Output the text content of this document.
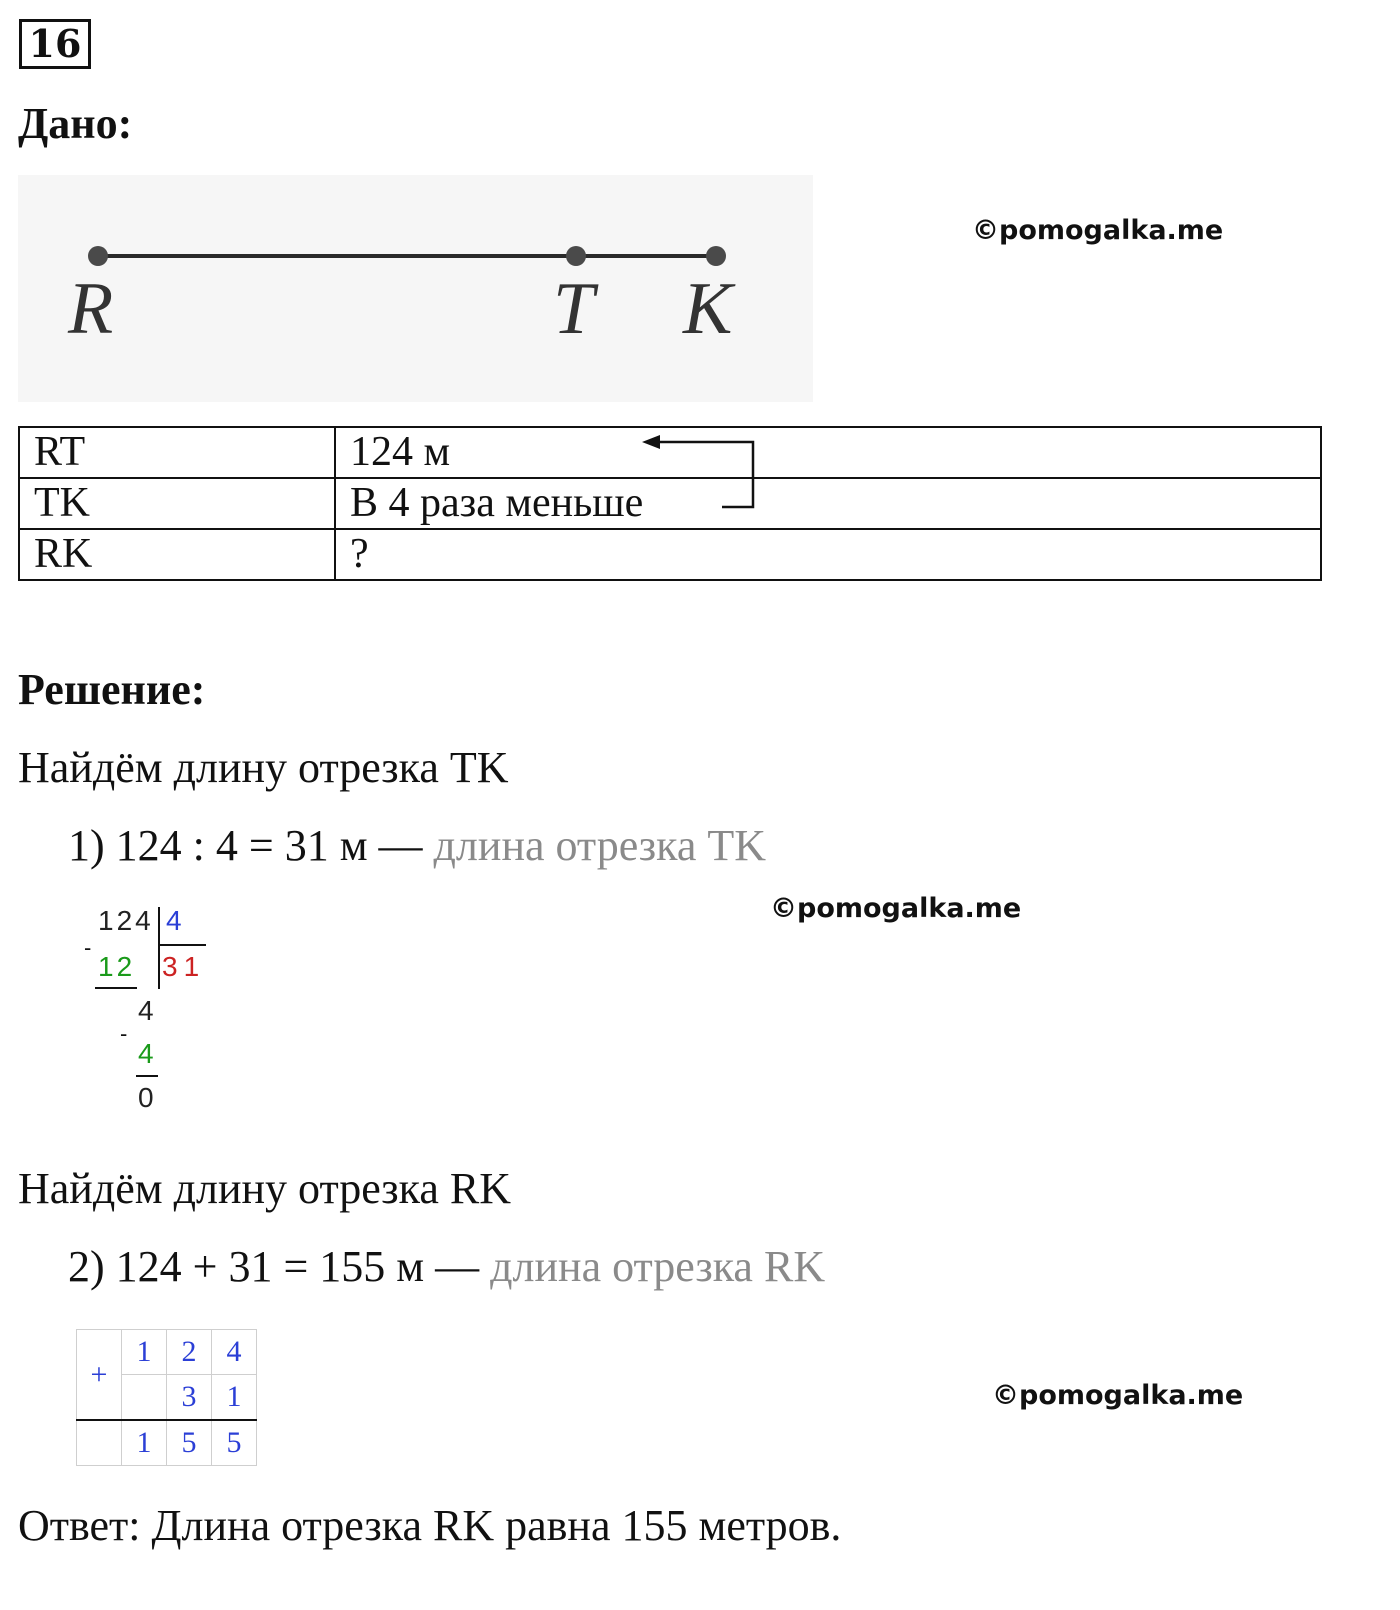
16
Дано:
R	T K
©pomogalka.me
RT	124 м
TK	В 4 раза меньше
RK	?
Решение:
Найдём длину отрезка TK
1) 124 : 4 = 31 м — длина отрезка TK
124 4
-
12 31
4
-
4
0
©pomogalka.me
Найдём длину отрезка RK
2) 124 + 31 = 155 м — длина отрезка RK
+	1	2	4
		3	1
	1	5	5
©pomogalka.me
Ответ: Длина отрезка RK равна 155 метров.
